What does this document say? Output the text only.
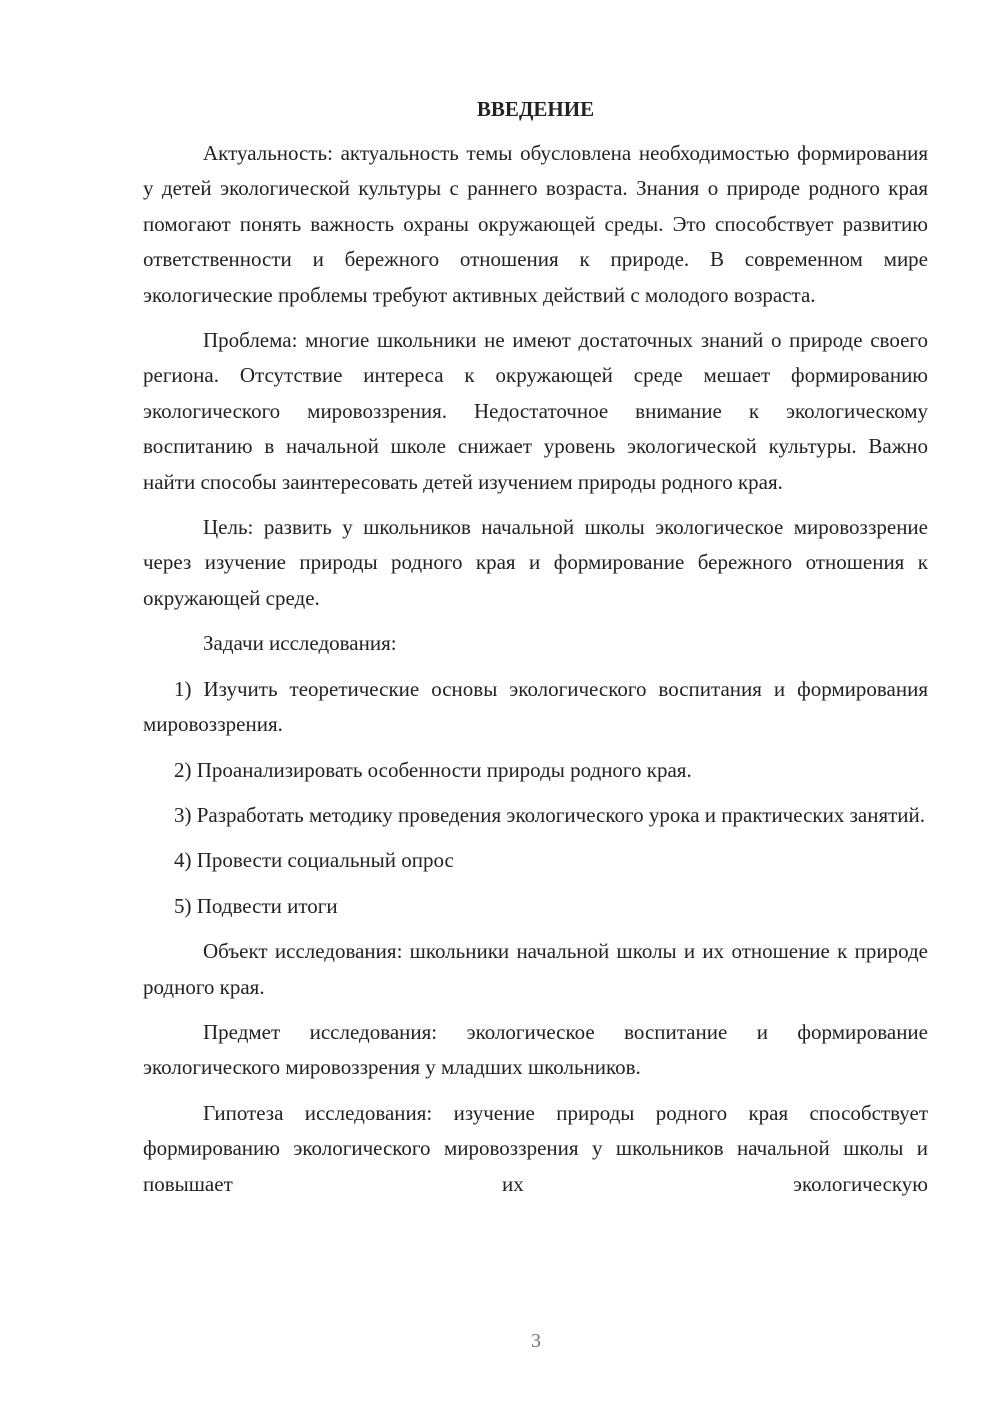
ВВЕДЕНИЕ

Актуальность: актуальность темы обусловлена необходимостью формирования у детей экологической культуры с раннего возраста. Знания о природе родного края помогают понять важность охраны окружающей среды. Это способствует развитию ответственности и бережного отношения к природе. В современном мире экологические проблемы требуют активных действий с молодого возраста.

Проблема: многие школьники не имеют достаточных знаний о природе своего региона. Отсутствие интереса к окружающей среде мешает формированию экологического мировоззрения. Недостаточное внимание к экологическому воспитанию в начальной школе снижает уровень экологической культуры. Важно найти способы заинтересовать детей изучением природы родного края.

Цель: развить у школьников начальной школы экологическое мировоззрение через изучение природы родного края и формирование бережного отношения к окружающей среде.

Задачи исследования:

1) Изучить теоретические основы экологического воспитания и формирования мировоззрения.

2) Проанализировать особенности природы родного края.

3) Разработать методику проведения экологического урока и практических занятий.

4) Провести социальный опрос

5) Подвести итоги

Объект исследования: школьники начальной школы и их отношение к природе родного края.

Предмет исследования: экологическое воспитание и формирование экологического мировоззрения у младших школьников.

Гипотеза исследования: изучение природы родного края способствует формированию экологического мировоззрения у школьников начальной школы и повышает их экологическую

3
